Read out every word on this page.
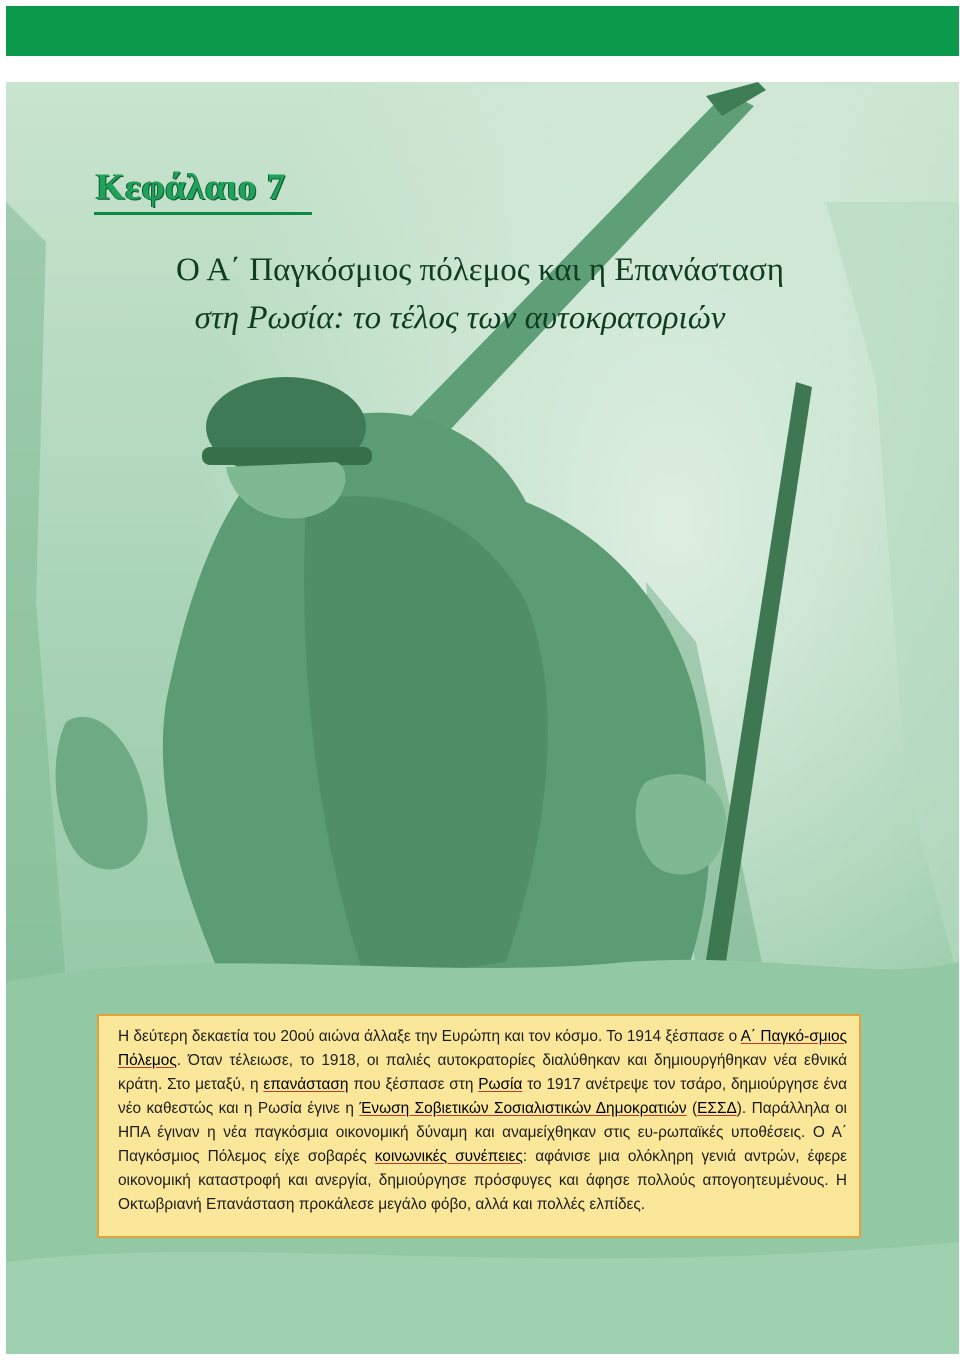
Κεφάλαιο 7
Ο Α΄ Παγκόσμιος πόλεμος και η Επανάσταση
στη Ρωσία: το τέλος των αυτοκρατοριών

Η δεύτερη δεκαετία του 20ού αιώνα άλλαξε την Ευρώπη και τον κόσμο. Το 1914 ξέσπασε ο Α΄ Παγκό-σμιος Πόλεμος. Όταν τέλειωσε, το 1918, οι παλιές αυτοκρατορίες διαλύθηκαν και δημιουργήθηκαν νέα εθνικά κράτη. Στο μεταξύ, η επανάσταση που ξέσπασε στη Ρωσία το 1917 ανέτρεψε τον τσάρο, δημιούργησε ένα νέο καθεστώς και η Ρωσία έγινε η Ένωση Σοβιετικών Σοσιαλιστικών Δημοκρατιών (ΕΣΣΔ). Παράλληλα οι ΗΠΑ έγιναν η νέα παγκόσμια οικονομική δύναμη και αναμείχθηκαν στις ευ-ρωπαϊκές υποθέσεις. Ο Α΄ Παγκόσμιος Πόλεμος είχε σοβαρές κοινωνικές συνέπειες: αφάνισε μια ολόκληρη γενιά αντρών, έφερε οικονομική καταστροφή και ανεργία, δημιούργησε πρόσφυγες και άφησε πολλούς απογοητευμένους. Η Οκτωβριανή Επανάσταση προκάλεσε μεγάλο φόβο, αλλά και πολλές ελπίδες.
